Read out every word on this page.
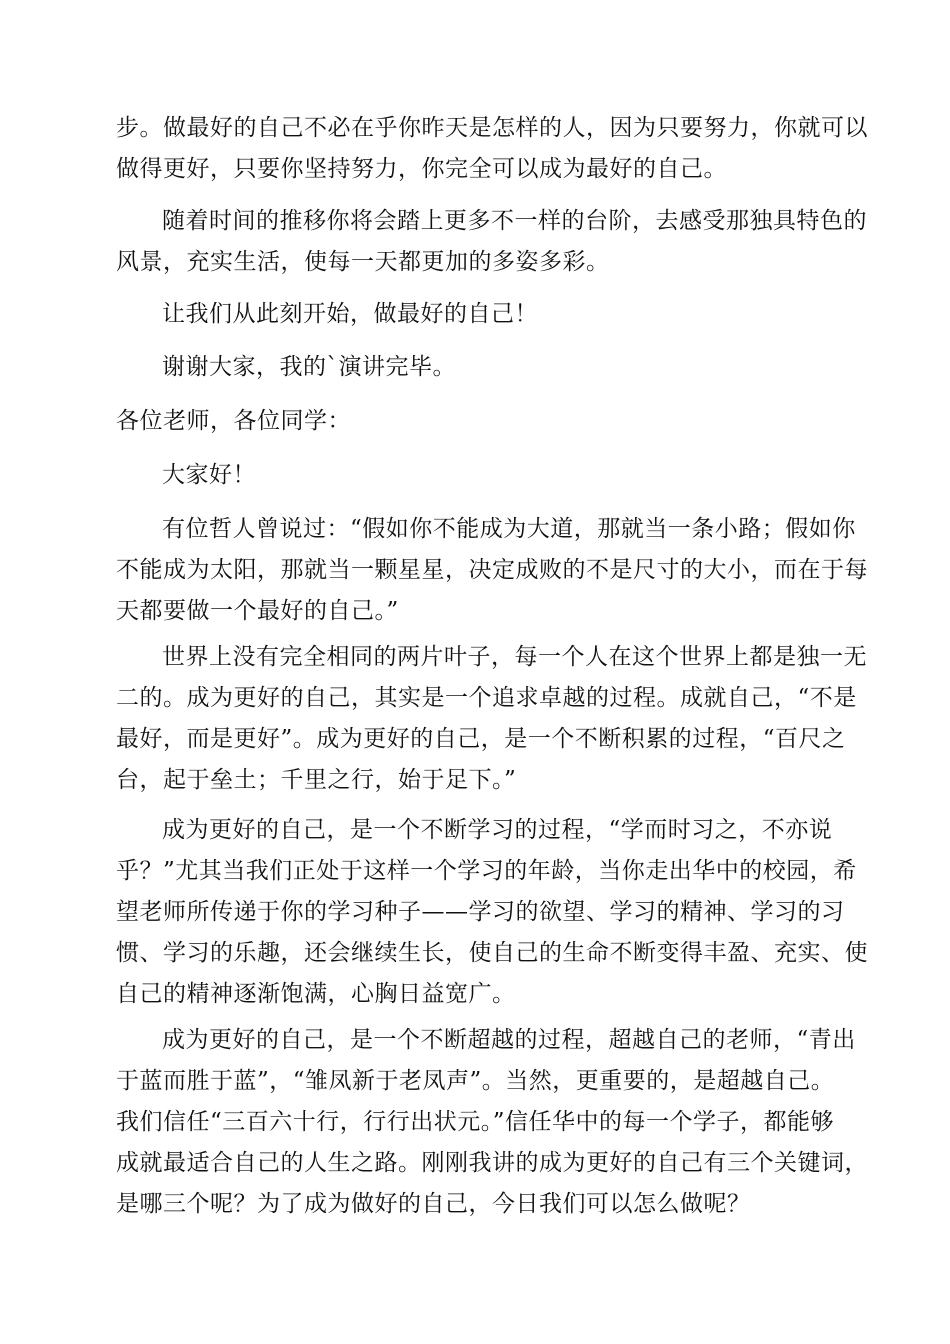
步。做最好的自己不必在乎你昨天是怎样的人，因为只要努力，你就可以
做得更好，只要你坚持努力，你完全可以成为最好的自己。
随着时间的推移你将会踏上更多不一样的台阶，去感受那独具特色的
风景，充实生活，使每一天都更加的多姿多彩。
让我们从此刻开始，做最好的自己！
谢谢大家，我的`演讲完毕。
各位老师，各位同学：
大家好！
有位哲人曾说过：“假如你不能成为大道，那就当一条小路；假如你
不能成为太阳，那就当一颗星星，决定成败的不是尺寸的大小，而在于每
天都要做一个最好的自己。”
世界上没有完全相同的两片叶子，每一个人在这个世界上都是独一无
二的。成为更好的自己，其实是一个追求卓越的过程。成就自己，“不是
最好，而是更好”。成为更好的自己，是一个不断积累的过程，“百尺之
台，起于垒土；千里之行，始于足下。”
成为更好的自己，是一个不断学习的过程，“学而时习之，不亦说
乎？”尤其当我们正处于这样一个学习的年龄，当你走出华中的校园，希
望老师所传递于你的学习种子——学习的欲望、学习的精神、学习的习
惯、学习的乐趣，还会继续生长，使自己的生命不断变得丰盈、充实、使
自己的精神逐渐饱满，心胸日益宽广。
成为更好的自己，是一个不断超越的过程，超越自己的老师，“青出
于蓝而胜于蓝”，“雏凤新于老凤声”。当然，更重要的，是超越自己。
我们信任“三百六十行，行行出状元。”信任华中的每一个学子，都能够
成就最适合自己的人生之路。刚刚我讲的成为更好的自己有三个关键词，
是哪三个呢？为了成为做好的自己，今日我们可以怎么做呢？
